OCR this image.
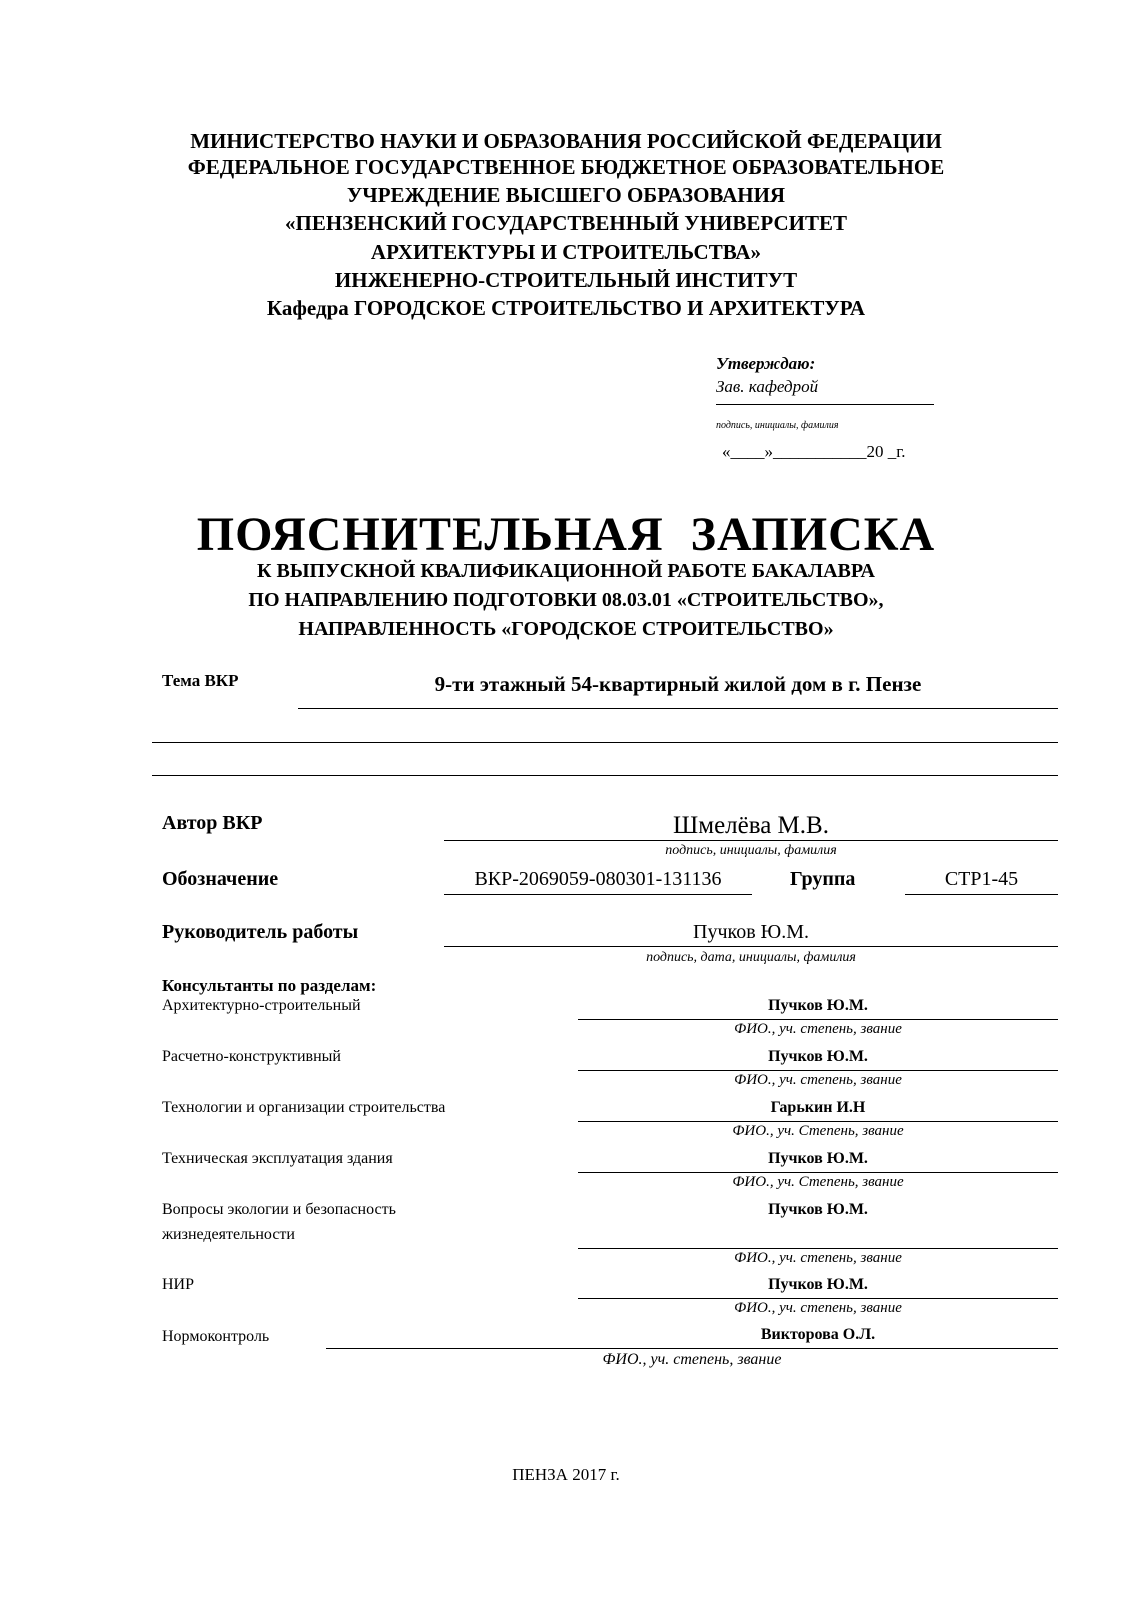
МИНИСТЕРСТВО НАУКИ И ОБРАЗОВАНИЯ РОССИЙСКОЙ ФЕДЕРАЦИИ
ФЕДЕРАЛЬНОЕ ГОСУДАРСТВЕННОЕ БЮДЖЕТНОЕ ОБРАЗОВАТЕЛЬНОЕ
УЧРЕЖДЕНИЕ ВЫСШЕГО ОБРАЗОВАНИЯ
«ПЕНЗЕНСКИЙ ГОСУДАРСТВЕННЫЙ УНИВЕРСИТЕТ
АРХИТЕКТУРЫ И СТРОИТЕЛЬСТВА»
ИНЖЕНЕРНО-СТРОИТЕЛЬНЫЙ ИНСТИТУТ
Кафедра ГОРОДСКОЕ СТРОИТЕЛЬСТВО И АРХИТЕКТУРА
Утверждаю:
Зав. кафедрой
подпись, инициалы, фамилия
«____»___________20 _г.
ПОЯСНИТЕЛЬНАЯ ЗАПИСКА
К ВЫПУСКНОЙ КВАЛИФИКАЦИОННОЙ РАБОТЕ БАКАЛАВРА
ПО НАПРАВЛЕНИЮ ПОДГОТОВКИ 08.03.01 «СТРОИТЕЛЬСТВО»,
НАПРАВЛЕННОСТЬ «ГОРОДСКОЕ СТРОИТЕЛЬСТВО»
Тема ВКР	9-ти этажный 54-квартирный жилой дом в г. Пензе
Автор ВКР	Шмелёва М.В.
подпись, инициалы, фамилия
Обозначение	ВКР-2069059-080301-131136	Группа	СТР1-45
Руководитель работы	Пучков Ю.М.
подпись, дата, инициалы, фамилия
Консультанты по разделам:
Архитектурно-строительный	Пучков Ю.М.
ФИО., уч. степень, звание
Расчетно-конструктивный	Пучков Ю.М.
ФИО., уч. степень, звание
Технологии и организации строительства	Гарькин И.Н
ФИО., уч. Степень, звание
Техническая эксплуатация здания	Пучков Ю.М.
ФИО., уч. Степень, звание
Вопросы экологии и безопасность
жизнедеятельности
Пучков Ю.М.
ФИО., уч. степень, звание
НИР	Пучков Ю.М.
ФИО., уч. степень, звание
Нормоконтроль	Викторова О.Л.
ФИО., уч. степень, звание
ПЕНЗА 2017 г.
